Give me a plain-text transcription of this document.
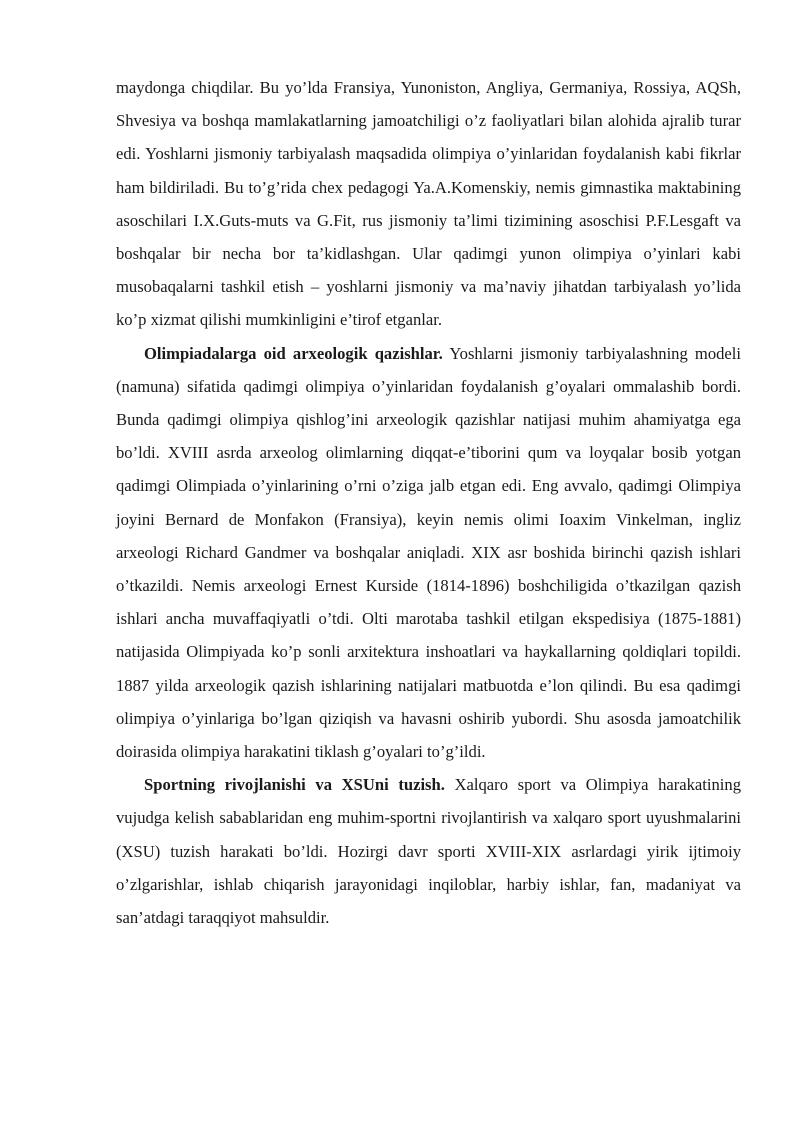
maydonga chiqdilar. Bu yo’lda Fransiya, Yunoniston, Angliya, Germaniya, Rossiya, AQSh, Shvesiya va boshqa mamlakatlarning jamoatchiligi o’z faoliyatlari bilan alohida ajralib turar edi. Yoshlarni jismoniy tarbiyalash maqsadida olimpiya o’yinlaridan foydalanish kabi fikrlar ham bildiriladi. Bu to’g’rida chex pedagogi Ya.A.Komenskiy, nemis gimnastika maktabining asoschilari I.X.Guts-muts va G.Fit, rus jismoniy ta’limi tizimining asoschisi P.F.Lesgaft va boshqalar bir necha bor ta’kidlashgan. Ular qadimgi yunon olimpiya o’yinlari kabi musobaqalarni tashkil etish – yoshlarni jismoniy va ma’naviy jihatdan tarbiyalash yo’lida ko’p xizmat qilishi mumkinligini e’tirof etganlar.

Olimpiadalarga oid arxeologik qazishlar. Yoshlarni jismoniy tarbiyalashning modeli (namuna) sifatida qadimgi olimpiya o’yinlaridan foydalanish g’oyalari ommalashib bordi. Bunda qadimgi olimpiya qishlog’ini arxeologik qazishlar natijasi muhim ahamiyatga ega bo’ldi. XVIII asrda arxeolog olimlarning diqqat-e’tiborini qum va loyqalar bosib yotgan qadimgi Olimpiada o’yinlarining o’rni o’ziga jalb etgan edi. Eng avvalo, qadimgi Olimpiya joyini Bernard de Monfakon (Fransiya), keyin nemis olimi Ioaxim Vinkelman, ingliz arxeologi Richard Gandmer va boshqalar aniqladi. XIX asr boshida birinchi qazish ishlari o’tkazildi. Nemis arxeologi Ernest Kurside (1814-1896) boshchiligida o’tkazilgan qazish ishlari ancha muvaffaqiyatli o’tdi. Olti marotaba tashkil etilgan ekspedisiya (1875-1881) natijasida Olimpiyada ko’p sonli arxitektura inshoatlari va haykallarning qoldiqlari topildi. 1887 yilda arxeologik qazish ishlarining natijalari matbuotda e’lon qilindi. Bu esa qadimgi olimpiya o’yinlariga bo’lgan qiziqish va havasni oshirib yubordi. Shu asosda jamoatchilik doirasida olimpiya harakatini tiklash g’oyalari to’g’ildi.

Sportning rivojlanishi va XSUni tuzish. Xalqaro sport va Olimpiya harakatining vujudga kelish sabablaridan eng muhim-sportni rivojlantirish va xalqaro sport uyushmalarini (XSU) tuzish harakati bo’ldi. Hozirgi davr sporti XVIII-XIX asrlardagi yirik ijtimoiy o’zlgarishlar, ishlab chiqarish jarayonidagi inqiloblar, harbiy ishlar, fan, madaniyat va san’atdagi taraqqiyot mahsuldir.
